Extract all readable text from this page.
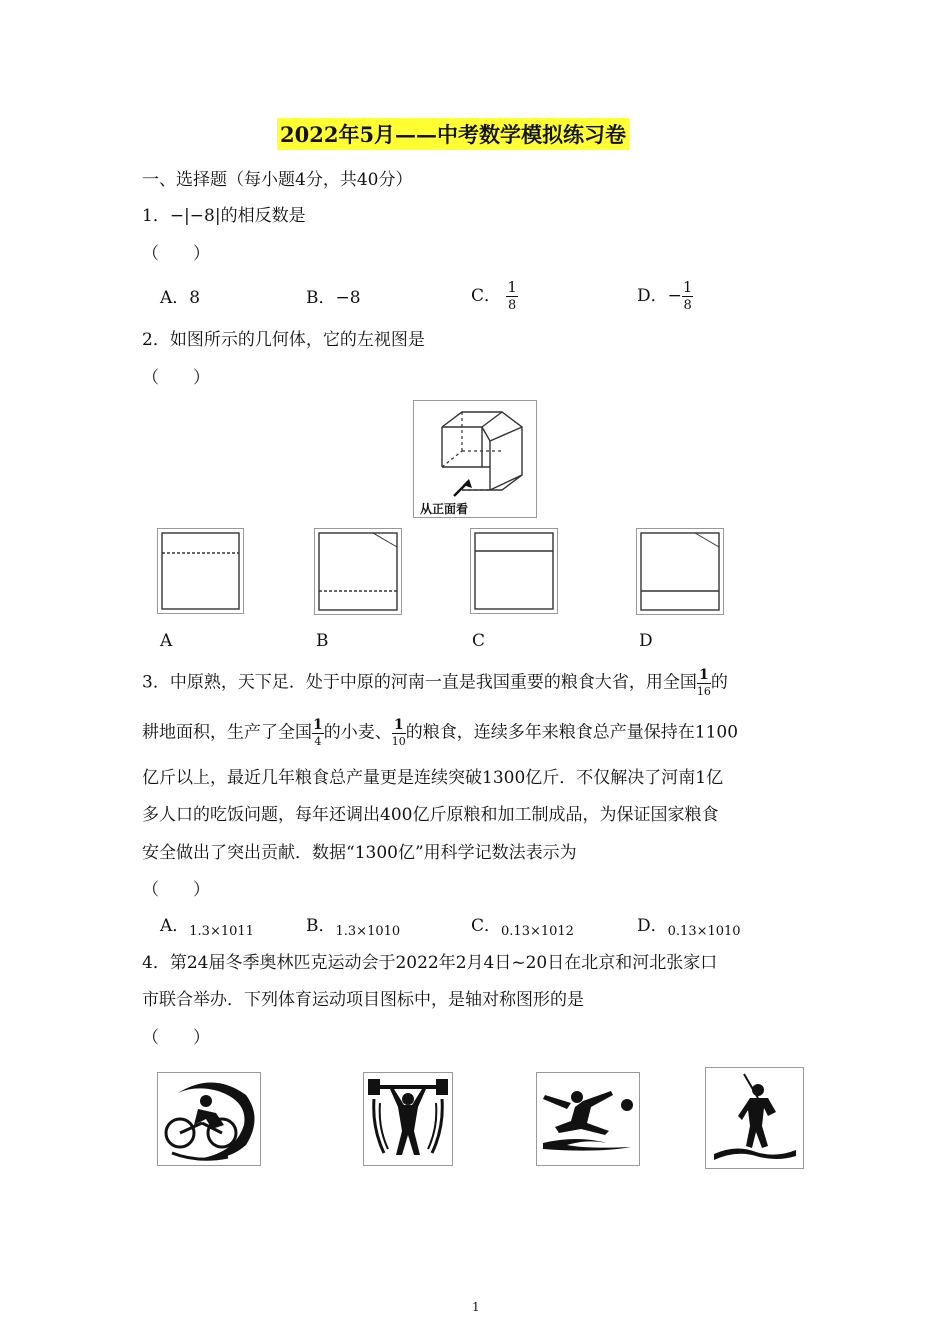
2022年5月——中考数学模拟练习卷
一、选择题（每小题4分，共40分）
1．−|−8|的相反数是
（　　）
A．8	B．−8	C． $\frac{1}{8}$	D．− $\frac{1}{8}$
2．如图所示的几何体，它的左视图是
（　　）
从正面看
A	B	C	D
3．中原熟，天下足．处于中原的河南一直是我国重要的粮食大省，用全国 $\frac{1}{16}$ 的
耕地面积，生产了全国 $\frac{1}{4}$ 的小麦、 $\frac{1}{10}$ 的粮食，连续多年来粮食总产量保持在1100
亿斤以上，最近几年粮食总产量更是连续突破1300亿斤．不仅解决了河南1亿
多人口的吃饭问题，每年还调出400亿斤原粮和加工制成品，为保证国家粮食
安全做出了突出贡献．数据“1300亿”用科学记数法表示为
（　　）
A．$_{1.3\times 1011}$	B．$_{1.3\times 1010}$	C．$_{0.13\times 1012}$	D．$_{0.13\times 1010}$
4．第24届冬季奥林匹克运动会于2022年2月4日~20日在北京和河北张家口
市联合举办．下列体育运动项目图标中，是轴对称图形的是
（　　）
1
